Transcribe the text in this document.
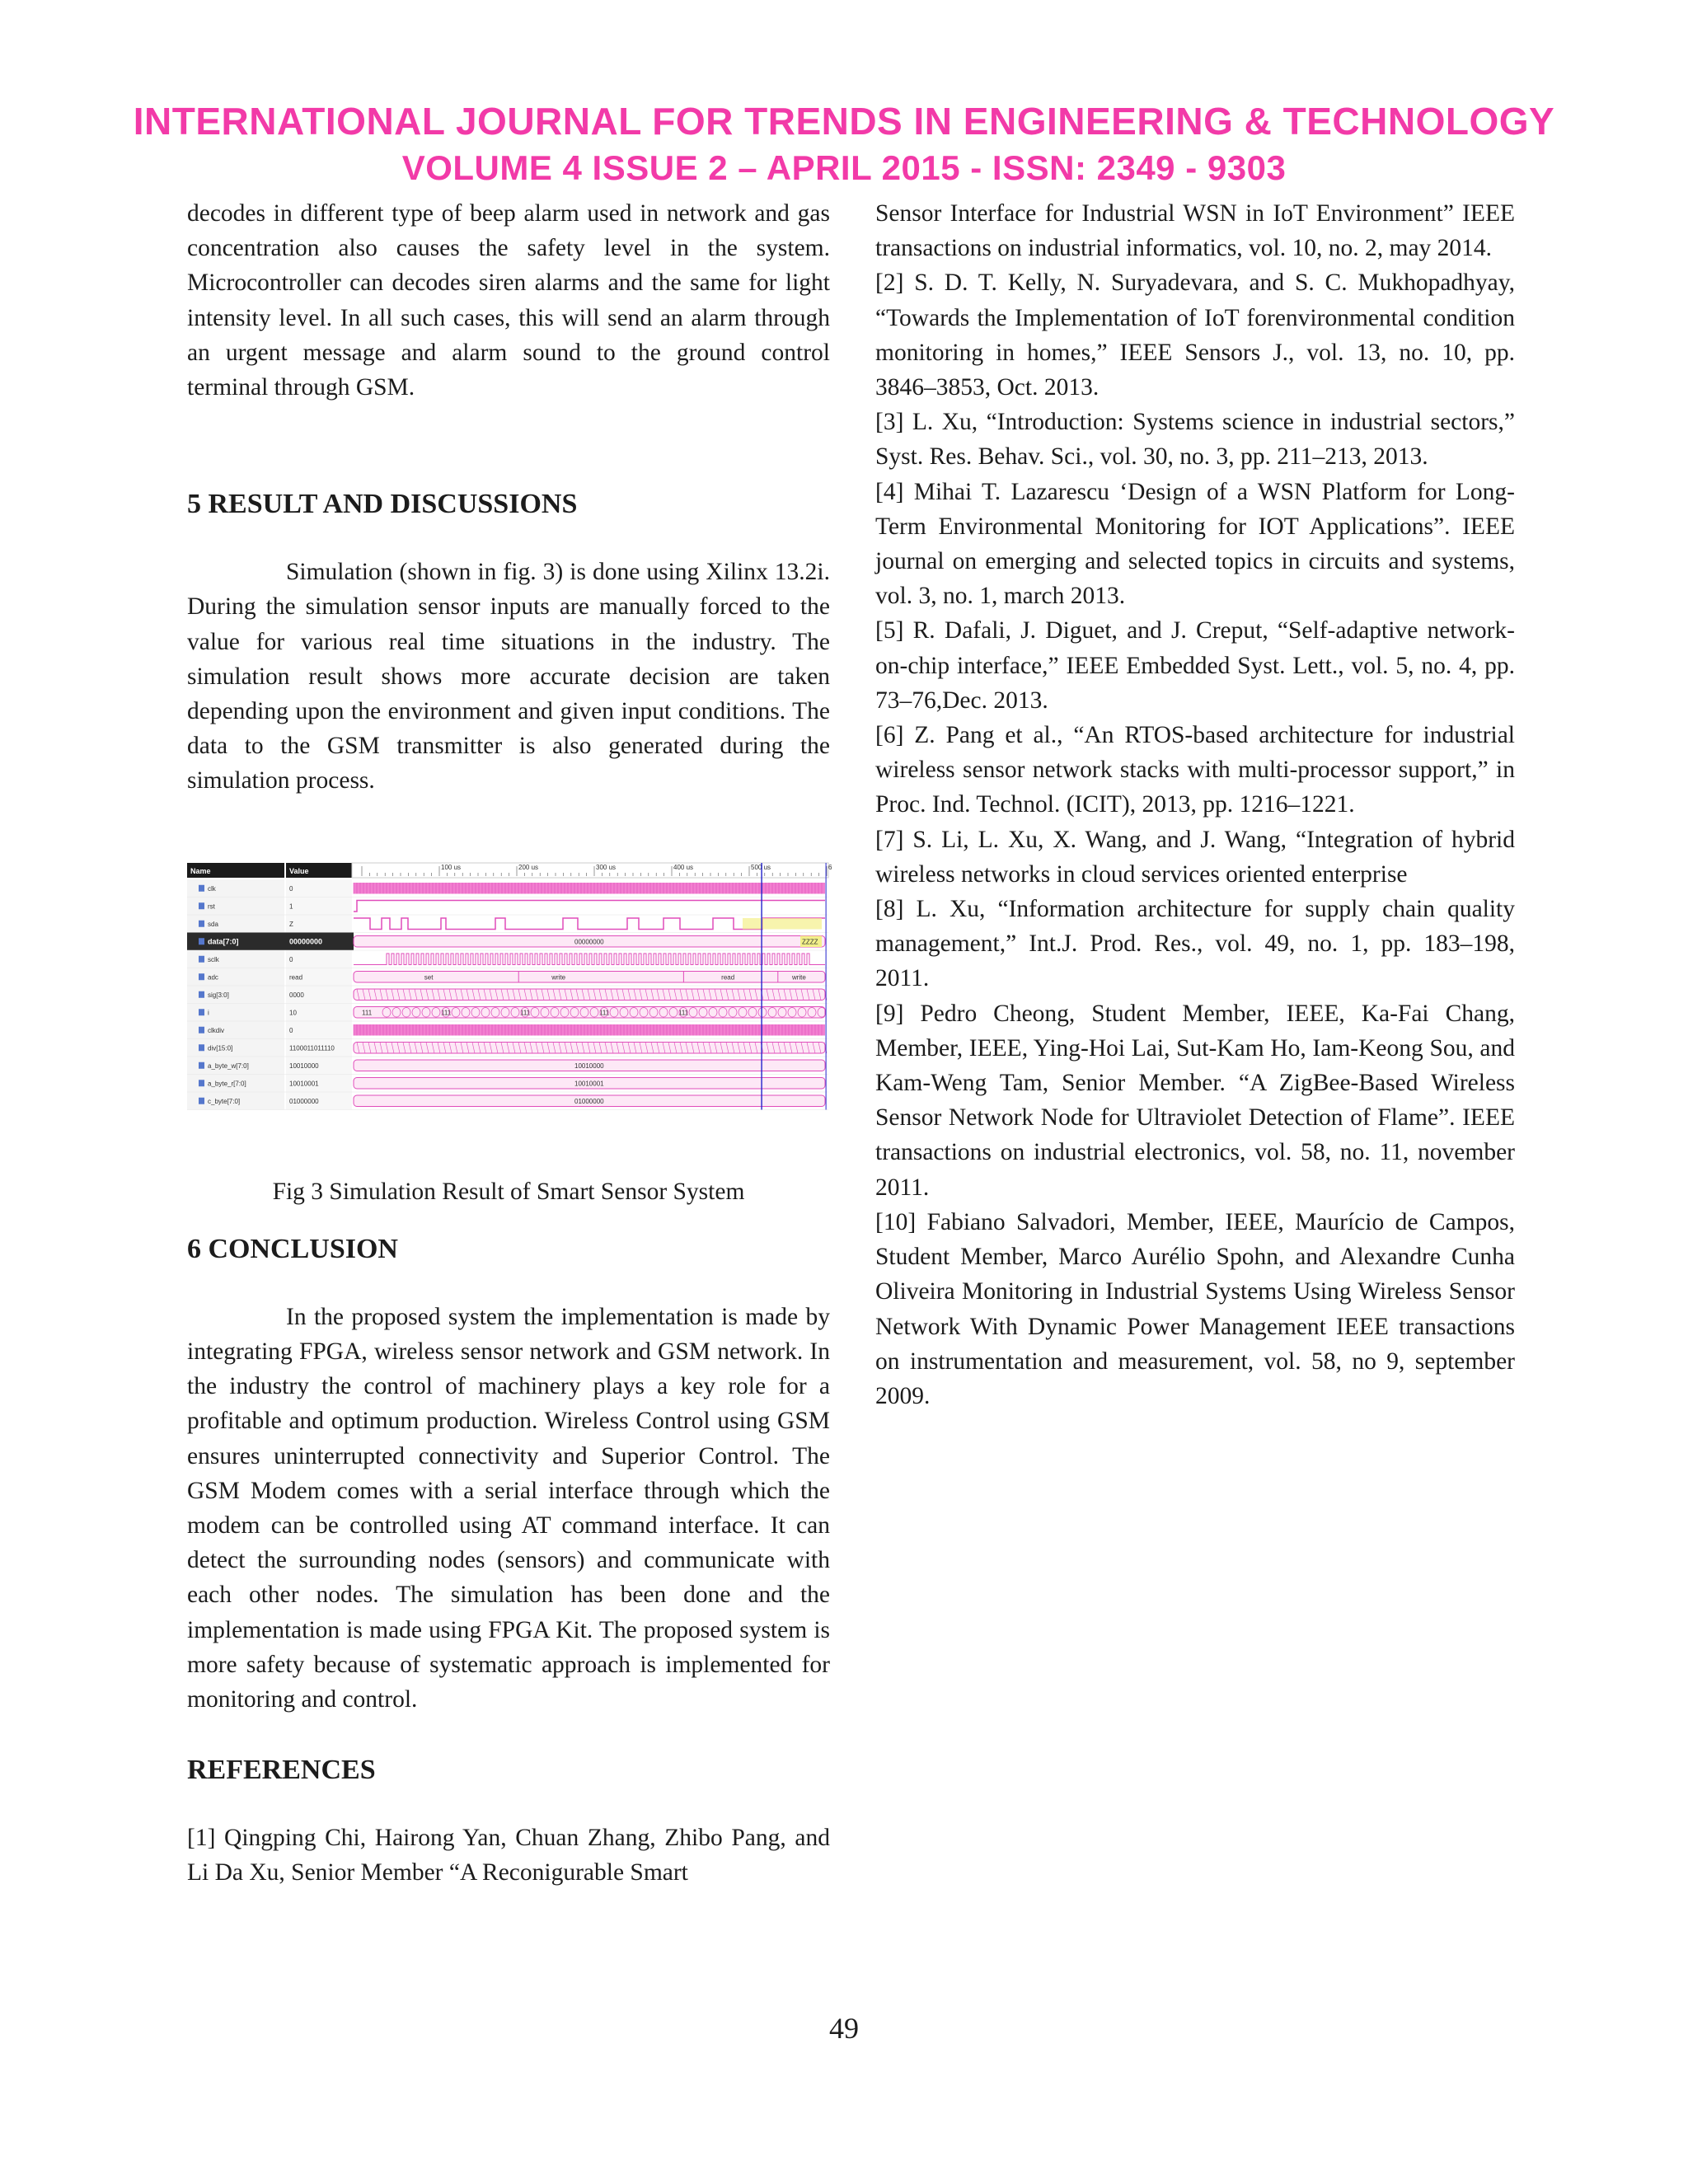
INTERNATIONAL JOURNAL FOR TRENDS IN ENGINEERING & TECHNOLOGY
VOLUME 4 ISSUE 2 – APRIL 2015 - ISSN: 2349 - 9303

decodes in different type of beep alarm used in network and gas concentration also causes the safety level in the system. Microcontroller can decodes siren alarms and the same for light intensity level. In all such cases, this will send an alarm through an urgent message and alarm sound to the ground control terminal through GSM.

5 RESULT AND DISCUSSIONS

Simulation (shown in fig. 3) is done using Xilinx 13.2i. During the simulation sensor inputs are manually forced to the value for various real time situations in the industry. The simulation result shows more accurate decision are taken depending upon the environment and given input conditions. The data to the GSM transmitter is also generated during the simulation process.

Name	Value	100 us	200 us	300 us	400 us	500 us	6
clk	0
rst	1
sda	Z
data[7:0]	00000000	00000000	ZZZZ
sclk	0
adc	read	set	write	read	write
sig[3:0]	0000
i	10	111	111	111	111	111
clkdiv	0
div[15:0]	1100011011110
a_byte_w[7:0]	10010000	10010000
a_byte_r[7:0]	10010001	10010001
c_byte[7:0]	01000000	01000000

Fig 3 Simulation Result of Smart Sensor System

6 CONCLUSION

In the proposed system the implementation is made by integrating FPGA, wireless sensor network and GSM network. In the industry the control of machinery plays a key role for a profitable and optimum production. Wireless Control using GSM ensures uninterrupted connectivity and Superior Control. The GSM Modem comes with a serial interface through which the modem can be controlled using AT command interface. It can detect the surrounding nodes (sensors) and communicate with each other nodes. The simulation has been done and the implementation is made using FPGA Kit. The proposed system is more safety because of systematic approach is implemented for monitoring and control.

REFERENCES

[1] Qingping Chi, Hairong Yan, Chuan Zhang, Zhibo Pang, and Li Da Xu, Senior Member “A Reconigurable Smart

Sensor Interface for Industrial WSN in IoT Environment” IEEE transactions on industrial informatics, vol. 10, no. 2, may 2014.

[2] S. D. T. Kelly, N. Suryadevara, and S. C. Mukhopadhyay, “Towards the Implementation of IoT forenvironmental condition monitoring in homes,” IEEE Sensors J., vol. 13, no. 10, pp. 3846–3853, Oct. 2013.

[3] L. Xu, “Introduction: Systems science in industrial sectors,” Syst. Res. Behav. Sci., vol. 30, no. 3, pp. 211–213, 2013.

[4] Mihai T. Lazarescu ‘Design of a WSN Platform for Long-Term Environmental Monitoring for IOT Applications”. IEEE journal on emerging and selected topics in circuits and systems, vol. 3, no. 1, march 2013.

[5] R. Dafali, J. Diguet, and J. Creput, “Self-adaptive network-on-chip interface,” IEEE Embedded Syst. Lett., vol. 5, no. 4, pp. 73–76,Dec. 2013.

[6] Z. Pang et al., “An RTOS-based architecture for industrial wireless sensor network stacks with multi-processor support,” in Proc. Ind. Technol. (ICIT), 2013, pp. 1216–1221.

[7] S. Li, L. Xu, X. Wang, and J. Wang, “Integration of hybrid wireless networks in cloud services oriented enterprise

[8] L. Xu, “Information architecture for supply chain quality management,” Int.J. Prod. Res., vol. 49, no. 1, pp. 183–198, 2011.

[9] Pedro Cheong, Student Member, IEEE, Ka-Fai Chang, Member, IEEE, Ying-Hoi Lai, Sut-Kam Ho, Iam-Keong Sou, and Kam-Weng Tam, Senior Member. “A ZigBee-Based Wireless Sensor Network Node for Ultraviolet Detection of Flame”. IEEE transactions on industrial electronics, vol. 58, no. 11, november 2011.

[10] Fabiano Salvadori, Member, IEEE, Maurício de Campos, Student Member, Marco Aurélio Spohn, and Alexandre Cunha Oliveira Monitoring in Industrial Systems Using Wireless Sensor Network With Dynamic Power Management IEEE transactions on instrumentation and measurement, vol. 58, no 9, september 2009.

49
